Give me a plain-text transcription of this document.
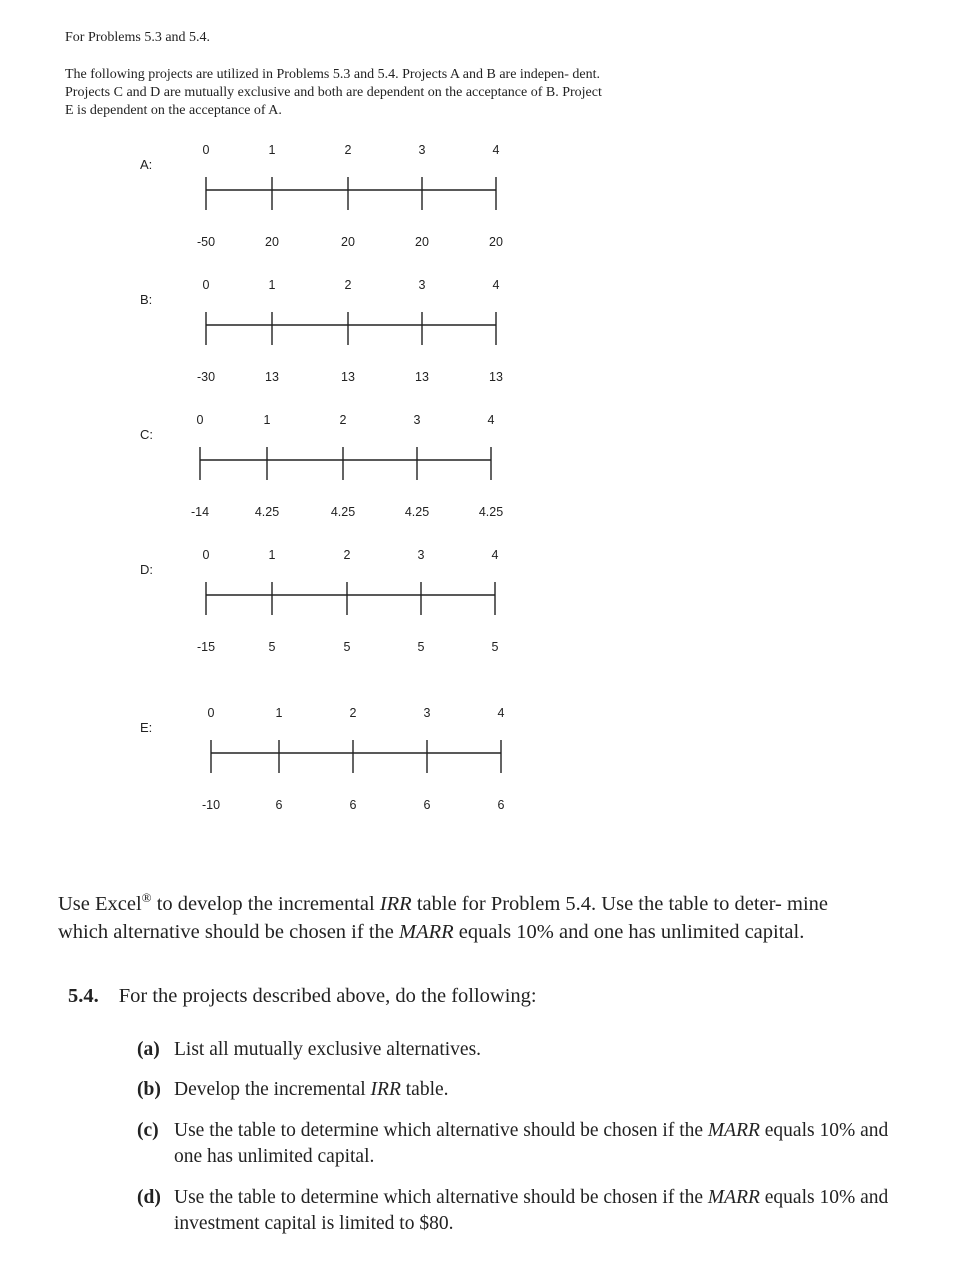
For Problems 5.3 and 5.4.
The following projects are utilized in Problems 5.3 and 5.4. Projects A and B are indepen- dent. Projects C and D are mutually exclusive and both are dependent on the acceptance of B. Project E is dependent on the acceptance of A.
A:
0	1	2	3	4
-50	20	20	20	20
B:
0	1	2	3	4
-30	13	13	13	13
C:
0	1	2	3	4
-14	4.25	4.25	4.25	4.25
D:
0	1	2	3	4
-15	5	5	5	5
E:
0	1	2	3	4
-10	6	6	6	6
Use Excel® to develop the incremental IRR table for Problem 5.4. Use the table to deter- mine which alternative should be chosen if the MARR equals 10% and one has unlimited capital.
5.4. For the projects described above, do the following:
(a) List all mutually exclusive alternatives.
(b) Develop the incremental IRR table.
(c) Use the table to determine which alternative should be chosen if the MARR equals 10% and one has unlimited capital.
(d) Use the table to determine which alternative should be chosen if the MARR equals 10% and investment capital is limited to $80.
